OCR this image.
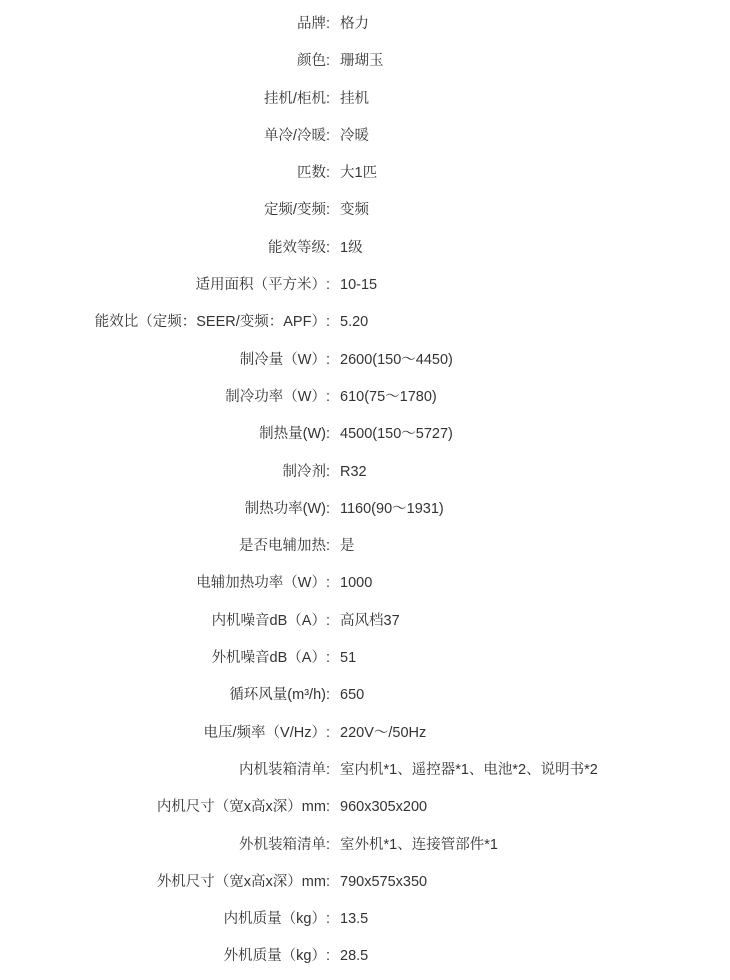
品牌: 格力
颜色: 珊瑚玉
挂机/柜机: 挂机
单冷/冷暖: 冷暖
匹数: 大1匹
定频/变频: 变频
能效等级: 1级
适用面积（平方米）: 10-15
能效比（定频：SEER/变频：APF）: 5.20
制冷量（W）: 2600(150～4450)
制冷功率（W）: 610(75～1780)
制热量(W): 4500(150～5727)
制冷剂: R32
制热功率(W): 1160(90～1931)
是否电辅加热: 是
电辅加热功率（W）: 1000
内机噪音dB（A）: 高风档37
外机噪音dB（A）: 51
循环风量(m³/h): 650
电压/频率（V/Hz）: 220V～/50Hz
内机装箱清单: 室内机*1、遥控器*1、电池*2、说明书*2
内机尺寸（宽x高x深）mm: 960x305x200
外机装箱清单: 室外机*1、连接管部件*1
外机尺寸（宽x高x深）mm: 790x575x350
内机质量（kg）: 13.5
外机质量（kg）: 28.5
